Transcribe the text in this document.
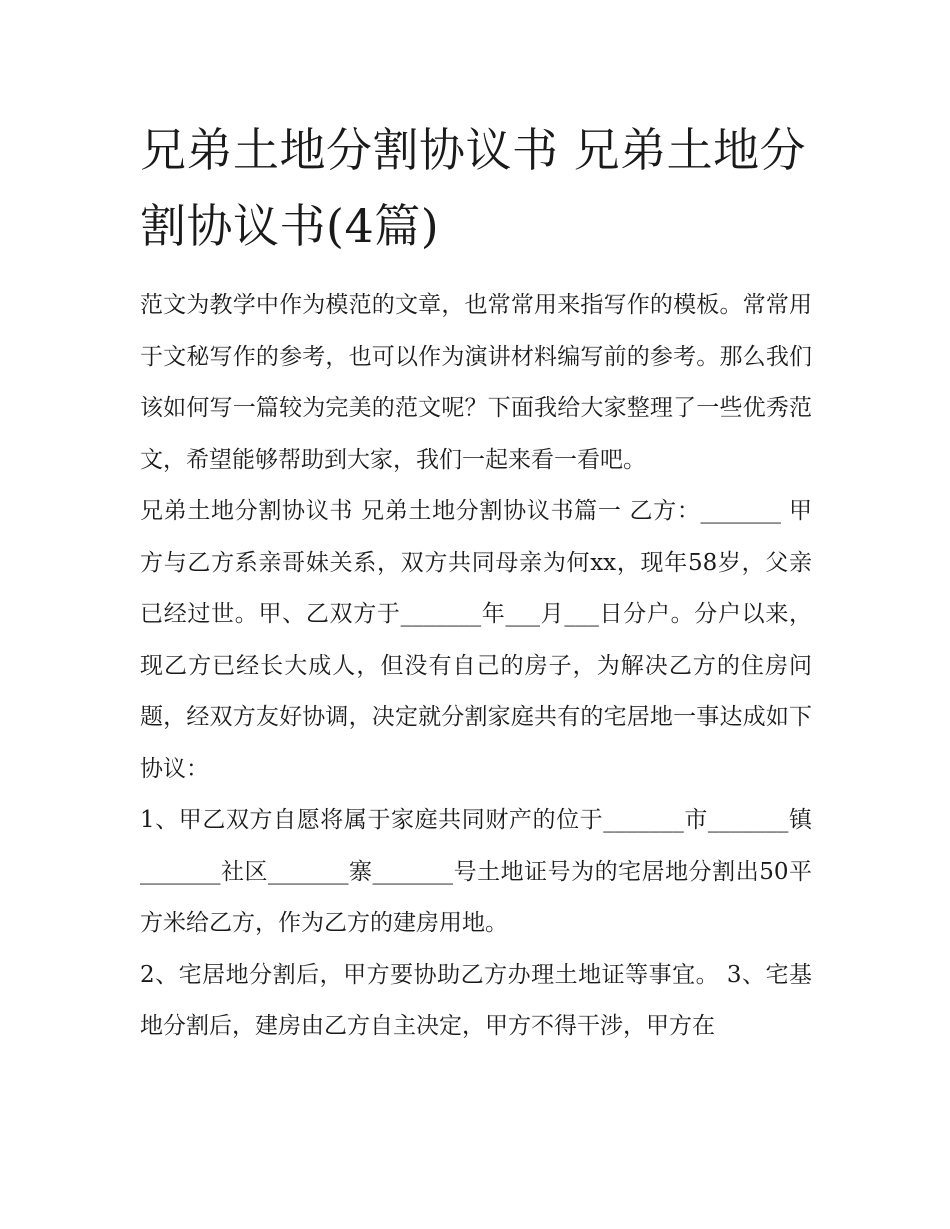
兄弟土地分割协议书 兄弟土地分割协议书(4篇)

范文为教学中作为模范的文章，也常常用来指写作的模板。常常用于文秘写作的参考，也可以作为演讲材料编写前的参考。那么我们该如何写一篇较为完美的范文呢？下面我给大家整理了一些优秀范文，希望能够帮助到大家，我们一起来看一看吧。

兄弟土地分割协议书 兄弟土地分割协议书篇一 乙方：_______ 甲方与乙方系亲哥妹关系，双方共同母亲为何xx，现年58岁，父亲已经过世。甲、乙双方于_______年___月___日分户。分户以来，现乙方已经长大成人，但没有自己的房子，为解决乙方的住房问题，经双方友好协调，决定就分割家庭共有的宅居地一事达成如下协议：

1、甲乙双方自愿将属于家庭共同财产的位于_______市_______镇_______社区_______寨_______号土地证号为的宅居地分割出50平方米给乙方，作为乙方的建房用地。

2、宅居地分割后，甲方要协助乙方办理土地证等事宜。 3、宅基地分割后，建房由乙方自主决定，甲方不得干涉，甲方在
